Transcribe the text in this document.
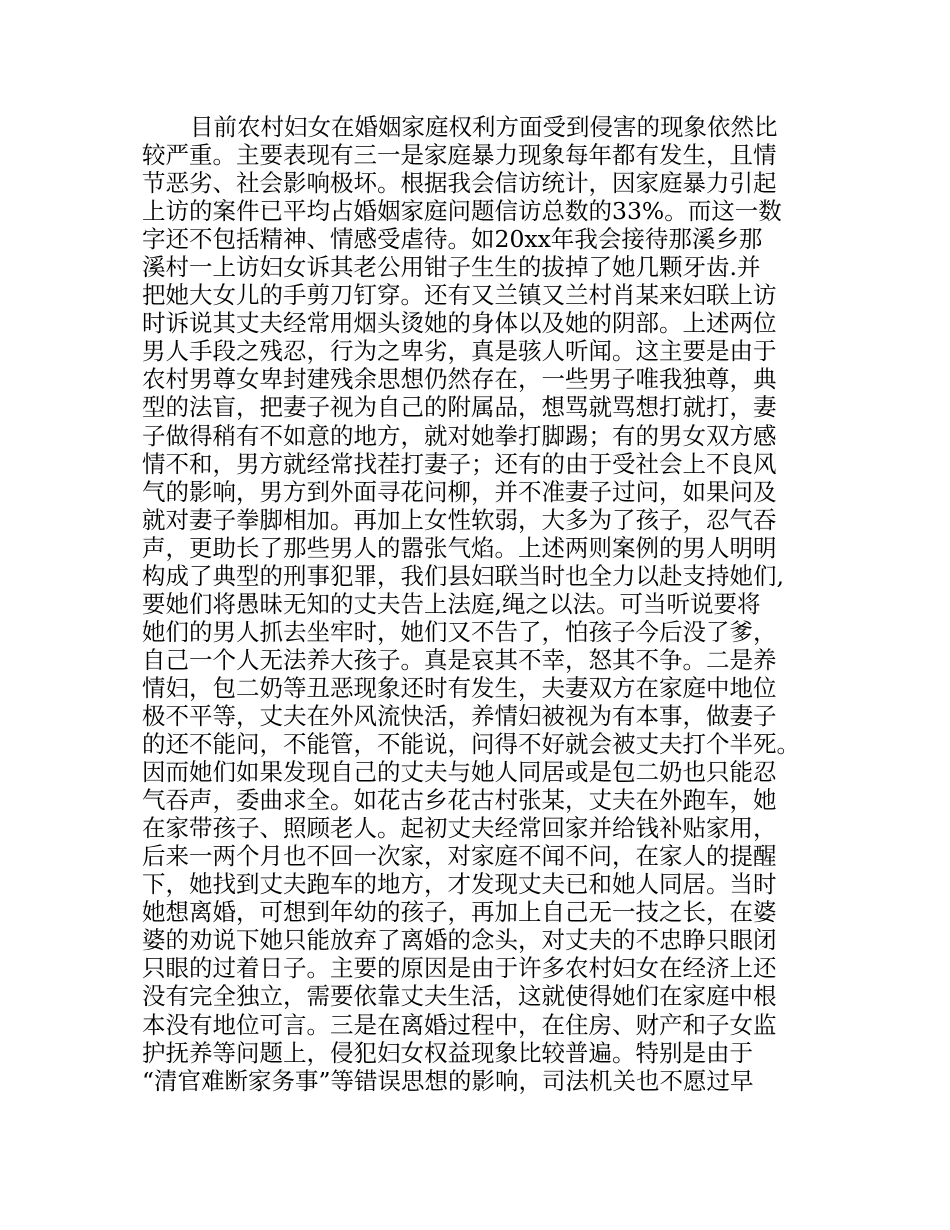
目前农村妇女在婚姻家庭权利方面受到侵害的现象依然比
较严重。主要表现有三一是家庭暴力现象每年都有发生，且情
节恶劣、社会影响极坏。根据我会信访统计，因家庭暴力引起
上访的案件已平均占婚姻家庭问题信访总数的33%。而这一数
字还不包括精神、情感受虐待。如20xx年我会接待那溪乡那
溪村一上访妇女诉其老公用钳子生生的拔掉了她几颗牙齿.并
把她大女儿的手剪刀钉穿。还有又兰镇又兰村肖某来妇联上访
时诉说其丈夫经常用烟头烫她的身体以及她的阴部。上述两位
男人手段之残忍，行为之卑劣，真是骇人听闻。这主要是由于
农村男尊女卑封建残余思想仍然存在，一些男子唯我独尊，典
型的法盲，把妻子视为自己的附属品，想骂就骂想打就打，妻
子做得稍有不如意的地方，就对她拳打脚踢；有的男女双方感
情不和，男方就经常找茬打妻子；还有的由于受社会上不良风
气的影响，男方到外面寻花问柳，并不准妻子过问，如果问及
就对妻子拳脚相加。再加上女性软弱，大多为了孩子，忍气吞
声，更助长了那些男人的嚣张气焰。上述两则案例的男人明明
构成了典型的刑事犯罪，我们县妇联当时也全力以赴支持她们,
要她们将愚昧无知的丈夫告上法庭,绳之以法。可当听说要将
她们的男人抓去坐牢时，她们又不告了，怕孩子今后没了爹，
自己一个人无法养大孩子。真是哀其不幸，怒其不争。二是养
情妇，包二奶等丑恶现象还时有发生，夫妻双方在家庭中地位
极不平等，丈夫在外风流快活，养情妇被视为有本事，做妻子
的还不能问，不能管，不能说，问得不好就会被丈夫打个半死。
因而她们如果发现自己的丈夫与她人同居或是包二奶也只能忍
气吞声，委曲求全。如花古乡花古村张某，丈夫在外跑车，她
在家带孩子、照顾老人。起初丈夫经常回家并给钱补贴家用，
后来一两个月也不回一次家，对家庭不闻不问，在家人的提醒
下，她找到丈夫跑车的地方，才发现丈夫已和她人同居。当时
她想离婚，可想到年幼的孩子，再加上自己无一技之长，在婆
婆的劝说下她只能放弃了离婚的念头，对丈夫的不忠睁只眼闭
只眼的过着日子。主要的原因是由于许多农村妇女在经济上还
没有完全独立，需要依靠丈夫生活，这就使得她们在家庭中根
本没有地位可言。三是在离婚过程中，在住房、财产和子女监
护抚养等问题上，侵犯妇女权益现象比较普遍。特别是由于
“清官难断家务事”等错误思想的影响，司法机关也不愿过早
